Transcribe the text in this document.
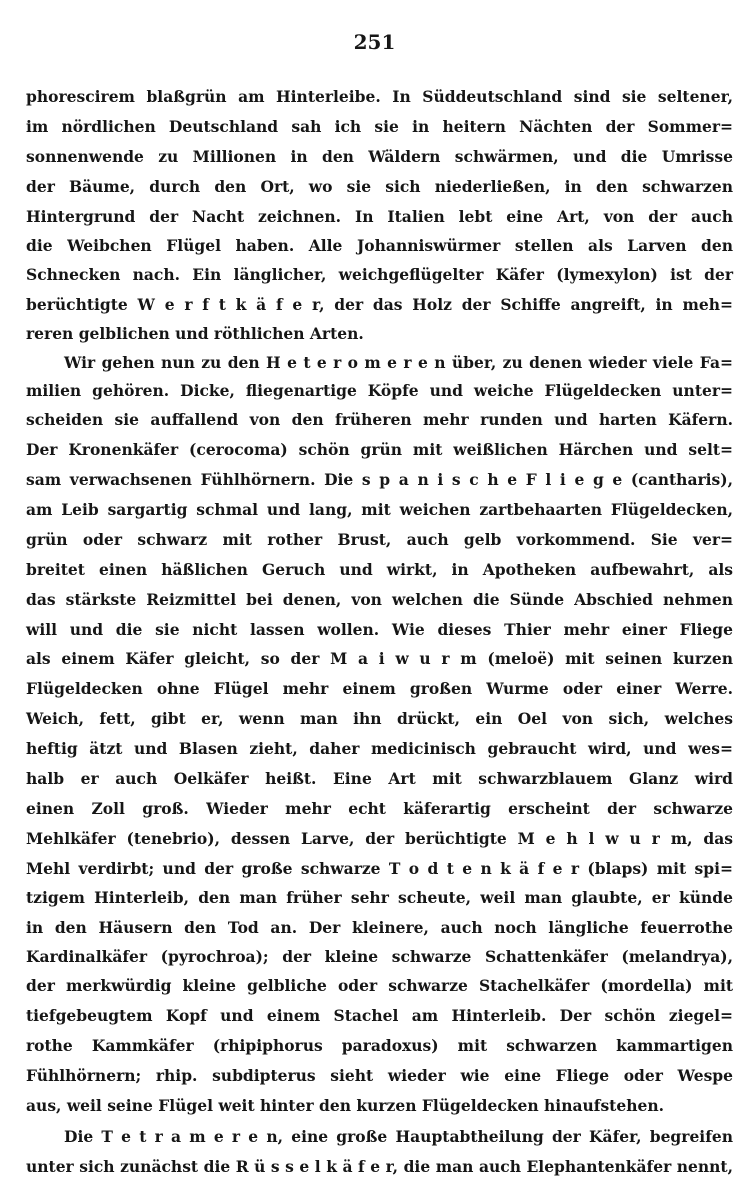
251
phorescirem blaßgrün am Hinterleibe. In Süddeutschland sind sie seltener,
im nördlichen Deutschland sah ich sie in heitern Nächten der Sommer=
sonnenwende zu Millionen in den Wäldern schwärmen, und die Umrisse
der Bäume, durch den Ort, wo sie sich niederließen, in den schwarzen
Hintergrund der Nacht zeichnen. In Italien lebt eine Art, von der auch
die Weibchen Flügel haben. Alle Johanniswürmer stellen als Larven den
Schnecken nach. Ein länglicher, weichgeflügelter Käfer (lymexylon) ist der
berüchtigte W e r f t k ä f e r, der das Holz der Schiffe angreift, in meh=
reren gelblichen und röthlichen Arten.
Wir gehen nun zu den H e t e r o m e r e n über, zu denen wieder viele Fa=
milien gehören. Dicke, fliegenartige Köpfe und weiche Flügeldecken unter=
scheiden sie auffallend von den früheren mehr runden und harten Käfern.
Der Kronenkäfer (cerocoma) schön grün mit weißlichen Härchen und selt=
sam verwachsenen Fühlhörnern. Die s p a n i s c h e F l i e g e (cantharis),
am Leib sargartig schmal und lang, mit weichen zartbehaarten Flügeldecken,
grün oder schwarz mit rother Brust, auch gelb vorkommend. Sie ver=
breitet einen häßlichen Geruch und wirkt, in Apotheken aufbewahrt, als
das stärkste Reizmittel bei denen, von welchen die Sünde Abschied nehmen
will und die sie nicht lassen wollen. Wie dieses Thier mehr einer Fliege
als einem Käfer gleicht, so der M a i w u r m (meloë) mit seinen kurzen
Flügeldecken ohne Flügel mehr einem großen Wurme oder einer Werre.
Weich, fett, gibt er, wenn man ihn drückt, ein Oel von sich, welches
heftig ätzt und Blasen zieht, daher medicinisch gebraucht wird, und wes=
halb er auch Oelkäfer heißt. Eine Art mit schwarzblauem Glanz wird
einen Zoll groß. Wieder mehr echt käferartig erscheint der schwarze
Mehlkäfer (tenebrio), dessen Larve, der berüchtigte M e h l w u r m, das
Mehl verdirbt; und der große schwarze T o d t e n k ä f e r (blaps) mit spi=
tzigem Hinterleib, den man früher sehr scheute, weil man glaubte, er künde
in den Häusern den Tod an. Der kleinere, auch noch längliche feuerrothe
Kardinalkäfer (pyrochroa); der kleine schwarze Schattenkäfer (melandrya),
der merkwürdig kleine gelbliche oder schwarze Stachelkäfer (mordella) mit
tiefgebeugtem Kopf und einem Stachel am Hinterleib. Der schön ziegel=
rothe Kammkäfer (rhipiphorus paradoxus) mit schwarzen kammartigen
Fühlhörnern; rhip. subdipterus sieht wieder wie eine Fliege oder Wespe
aus, weil seine Flügel weit hinter den kurzen Flügeldecken hinaufstehen.
Die T e t r a m e r e n, eine große Hauptabtheilung der Käfer, begreifen
unter sich zunächst die R ü s s e l k ä f e r, die man auch Elephantenkäfer nennt,
